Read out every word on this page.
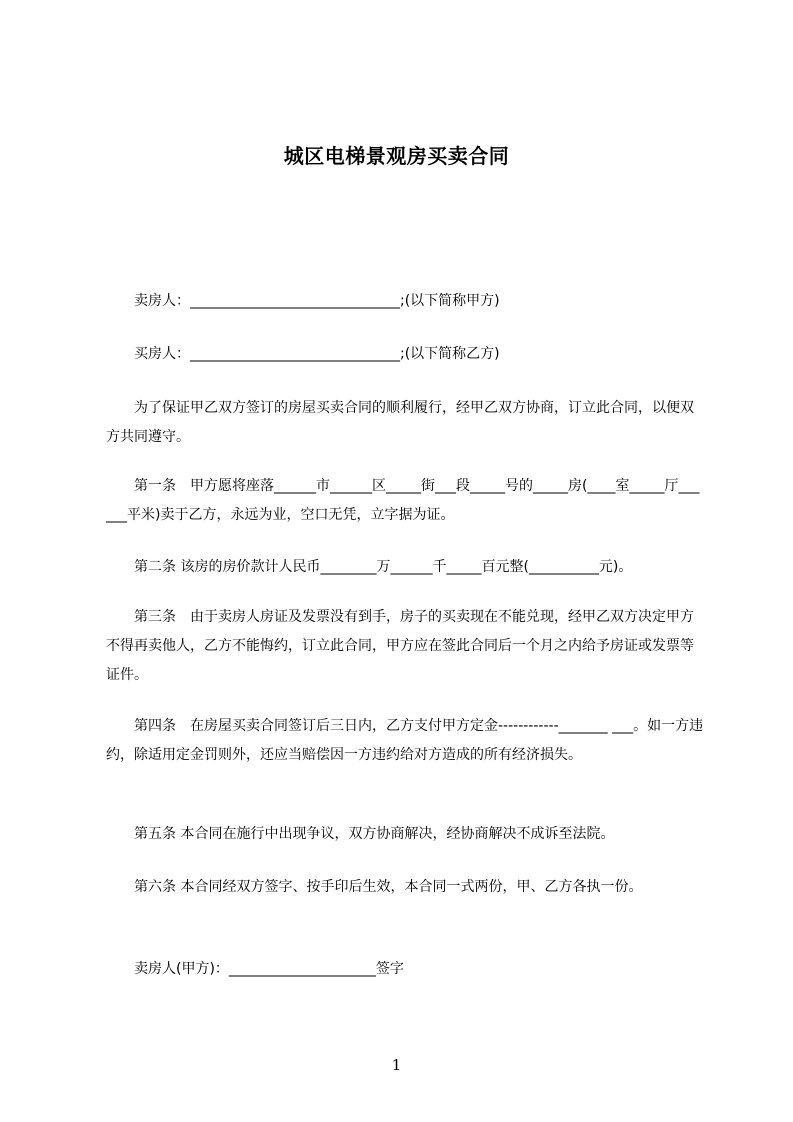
城区电梯景观房买卖合同
卖房人：______________________________;(以下简称甲方)
买房人：______________________________;(以下简称乙方)
为了保证甲乙双方签订的房屋买卖合同的顺利履行，经甲乙双方协商，订立此合同，以便双方共同遵守。
第一条　甲方愿将座落______市______区_____街___段_____号的_____房(____室_____厅______平米)卖于乙方，永远为业，空口无凭，立字据为证。
第二条 该房的房价款计人民币________万______千_____百元整(__________元)。
第三条　由于卖房人房证及发票没有到手，房子的买卖现在不能兑现，经甲乙双方决定甲方不得再卖他人，乙方不能悔约，订立此合同，甲方应在签此合同后一个月之内给予房证或发票等证件。
第四条　在房屋买卖合同签订后三日内，乙方支付甲方定金------------_______ ___。如一方违约，除适用定金罚则外，还应当赔偿因一方违约给对方造成的所有经济损失。
第五条 本合同在施行中出现争议，双方协商解决，经协商解决不成诉至法院。
第六条 本合同经双方签字、按手印后生效，本合同一式两份，甲、乙方各执一份。
卖房人(甲方)：_____________________签字
1
